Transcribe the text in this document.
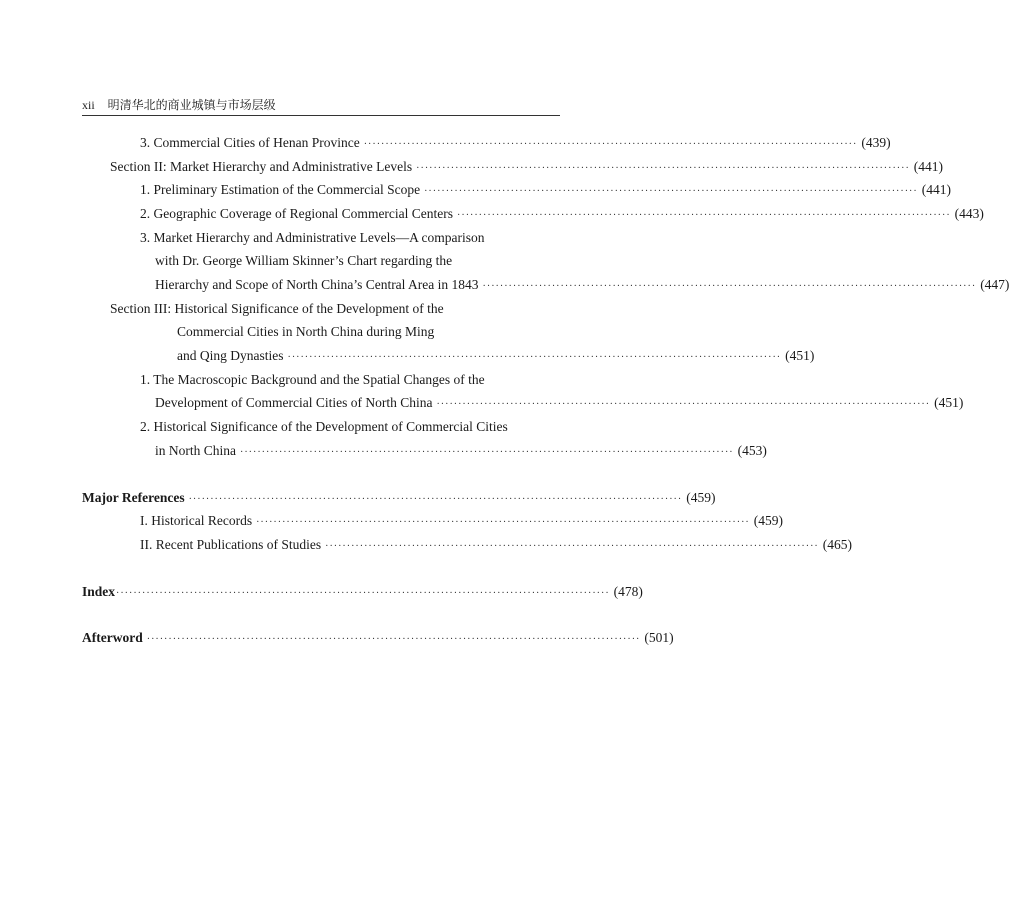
xii 明清华北的商业城镇与市场层级
3. Commercial Cities of Henan Province ·················································································································· (439)
Section II: Market Hierarchy and Administrative Levels ·················································································································· (441)
1. Preliminary Estimation of the Commercial Scope ·················································································································· (441)
2. Geographic Coverage of Regional Commercial Centers ·················································································································· (443)
3. Market Hierarchy and Administrative Levels—A comparison
with Dr. George William Skinner’s Chart regarding the
Hierarchy and Scope of North China’s Central Area in 1843 ·················································································································· (447)
Section III: Historical Significance of the Development of the
Commercial Cities in North China during Ming
and Qing Dynasties ·················································································································· (451)
1. The Macroscopic Background and the Spatial Changes of the
Development of Commercial Cities of North China ·················································································································· (451)
2. Historical Significance of the Development of Commercial Cities
in North China ·················································································································· (453)
Major References ·················································································································· (459)
I. Historical Records ·················································································································· (459)
II. Recent Publications of Studies ·················································································································· (465)
Index ·················································································································· (478)
Afterword ·················································································································· (501)
